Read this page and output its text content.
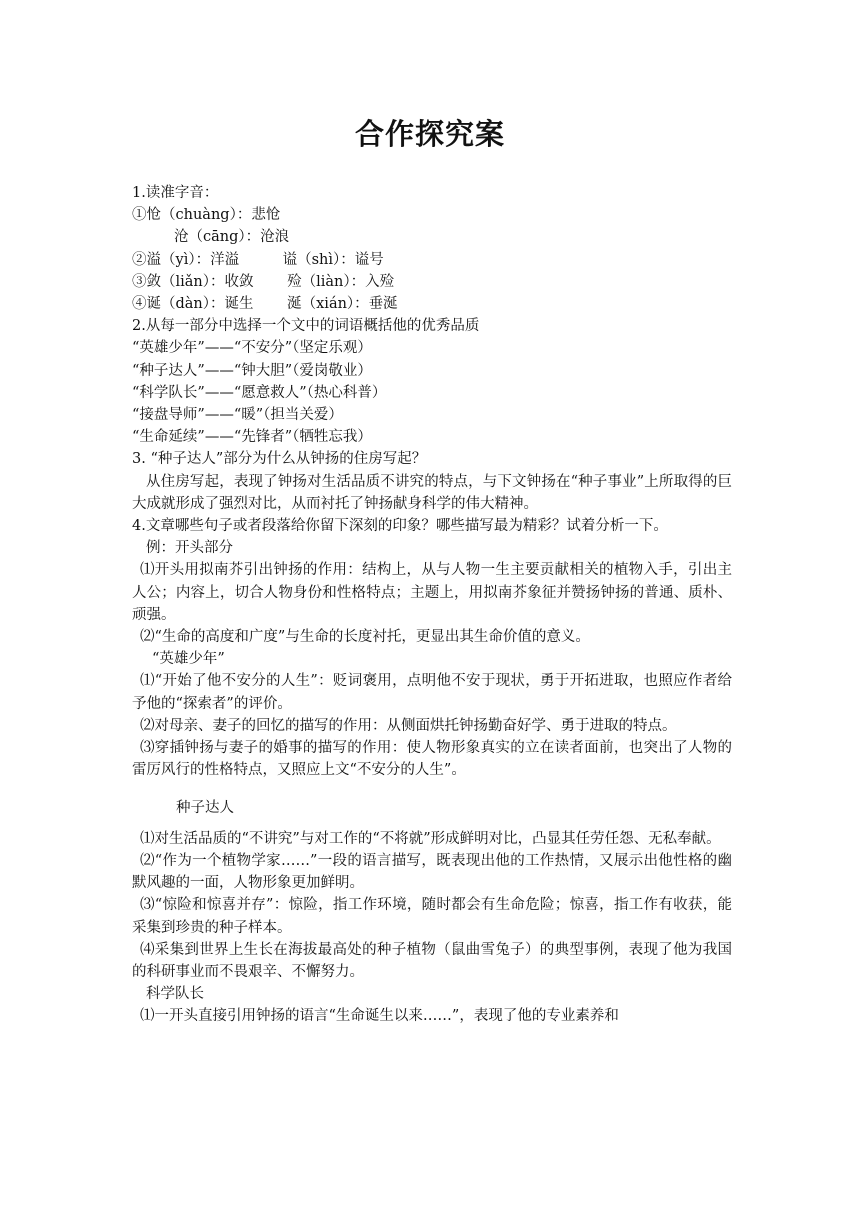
合作探究案

1.读准字音：

①怆（chuàng）：悲怆

沧（cāng）：沧浪

②溢（yì）：洋溢　　　谥（shì）：谥号

③敛（liǎn）：收敛　　 殓（liàn）：入殓

④诞（dàn）：诞生　　 涎（xián）：垂涎

2.从每一部分中选择一个文中的词语概括他的优秀品质

“英雄少年”——“不安分”（坚定乐观）

“种子达人”——“钟大胆”（爱岗敬业）

“科学队长”——“愿意救人”（热心科普）

“接盘导师”——“暖”（担当关爱）

“生命延续”——“先锋者”（牺牲忘我）

3. “种子达人”部分为什么从钟扬的住房写起？

从住房写起，表现了钟扬对生活品质不讲究的特点，与下文钟扬在“种子事业”上所取得的巨大成就形成了强烈对比，从而衬托了钟扬献身科学的伟大精神。

4.文章哪些句子或者段落给你留下深刻的印象？哪些描写最为精彩？试着分析一下。

例：开头部分

⑴开头用拟南芥引出钟扬的作用：结构上，从与人物一生主要贡献相关的植物入手，引出主人公；内容上，切合人物身份和性格特点；主题上，用拟南芥象征并赞扬钟扬的普通、质朴、顽强。

⑵“生命的高度和广度”与生命的长度衬托，更显出其生命价值的意义。

“英雄少年”

⑴“开始了他不安分的人生”：贬词褒用，点明他不安于现状，勇于开拓进取，也照应作者给予他的“探索者”的评价。

⑵对母亲、妻子的回忆的描写的作用：从侧面烘托钟扬勤奋好学、勇于进取的特点。

⑶穿插钟扬与妻子的婚事的描写的作用：使人物形象真实的立在读者面前，也突出了人物的雷厉风行的性格特点，又照应上文“不安分的人生”。

种子达人

⑴对生活品质的“不讲究”与对工作的“不将就”形成鲜明对比，凸显其任劳任怨、无私奉献。

⑵“作为一个植物学家……”一段的语言描写，既表现出他的工作热情，又展示出他性格的幽默风趣的一面，人物形象更加鲜明。

⑶“惊险和惊喜并存”：惊险，指工作环境，随时都会有生命危险；惊喜，指工作有收获，能采集到珍贵的种子样本。

⑷采集到世界上生长在海拔最高处的种子植物（鼠曲雪兔子）的典型事例，表现了他为我国的科研事业而不畏艰辛、不懈努力。

科学队长

⑴一开头直接引用钟扬的语言“生命诞生以来……”，表现了他的专业素养和
